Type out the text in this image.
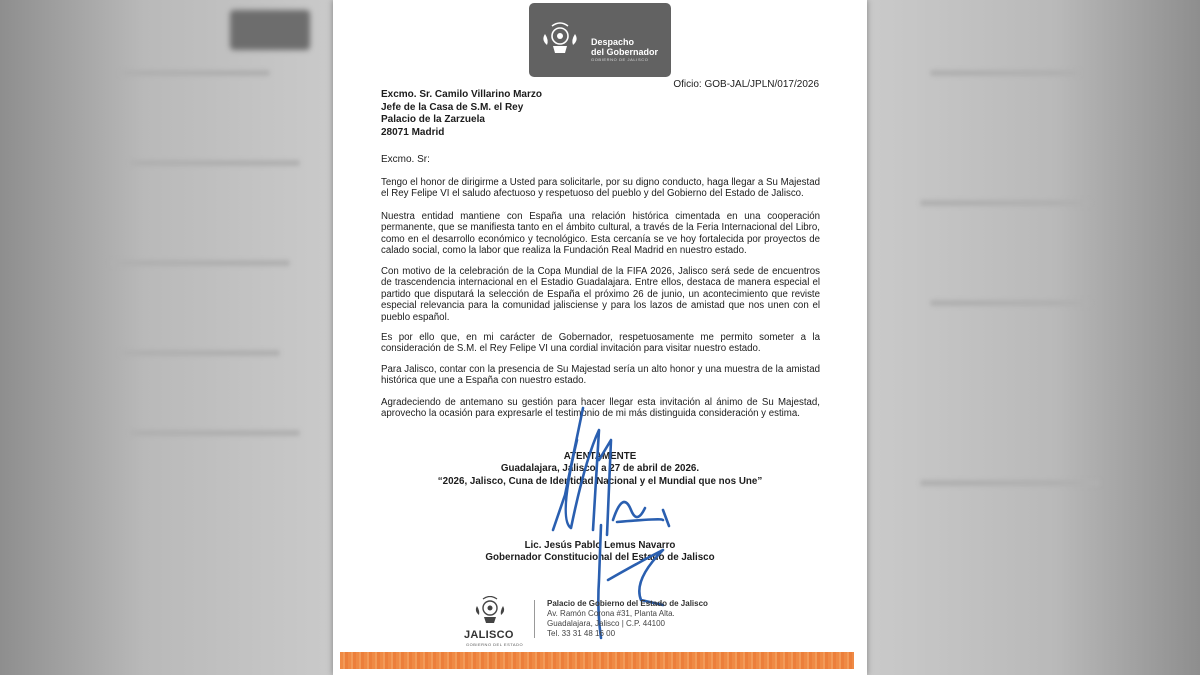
Despacho
del Gobernador
GOBIERNO DE JALISCO
Oficio: GOB-JAL/JPLN/017/2026
Excmo. Sr. Camilo Villarino Marzo
Jefe de la Casa de S.M. el Rey
Palacio de la Zarzuela
28071 Madrid
Excmo. Sr:
Tengo el honor de dirigirme a Usted para solicitarle, por su digno conducto, haga llegar a Su Majestad el Rey Felipe VI el saludo afectuoso y respetuoso del pueblo y del Gobierno del Estado de Jalisco.
Nuestra entidad mantiene con España una relación histórica cimentada en una cooperación permanente, que se manifiesta tanto en el ámbito cultural, a través de la Feria Internacional del Libro, como en el desarrollo económico y tecnológico. Esta cercanía se ve hoy fortalecida por proyectos de calado social, como la labor que realiza la Fundación Real Madrid en nuestro estado.
Con motivo de la celebración de la Copa Mundial de la FIFA 2026, Jalisco será sede de encuentros de trascendencia internacional en el Estadio Guadalajara. Entre ellos, destaca de manera especial el partido que disputará la selección de España el próximo 26 de junio, un acontecimiento que reviste especial relevancia para la comunidad jalisciense y para los lazos de amistad que nos unen con el pueblo español.
Es por ello que, en mi carácter de Gobernador, respetuosamente me permito someter a la consideración de S.M. el Rey Felipe VI una cordial invitación para visitar nuestro estado.
Para Jalisco, contar con la presencia de Su Majestad sería un alto honor y una muestra de la amistad histórica que une a España con nuestro estado.
Agradeciendo de antemano su gestión para hacer llegar esta invitación al ánimo de Su Majestad, aprovecho la ocasión para expresarle el testimonio de mi más distinguida consideración y estima.
ATENTAMENTE
Guadalajara, Jalisco, a 27 de abril de 2026.
“2026, Jalisco, Cuna de Identidad Nacional y el Mundial que nos Une”
Lic. Jesús Pablo Lemus Navarro
Gobernador Constitucional del Estado de Jalisco
JALISCO
GOBIERNO DEL ESTADO
Palacio de Gobierno del Estado de Jalisco
Av. Ramón Corona #31, Planta Alta.
Guadalajara, Jalisco | C.P. 44100
Tel. 33 31 48 16 00
